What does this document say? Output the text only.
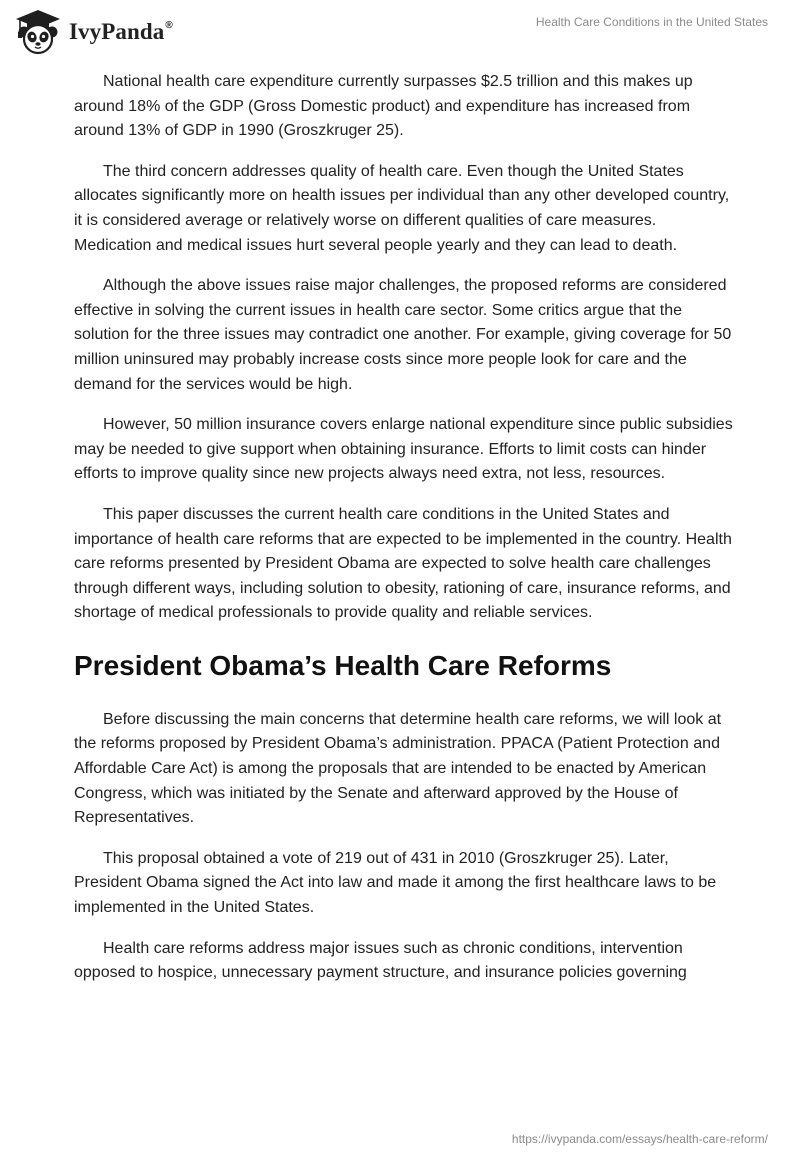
IvyPanda®	Health Care Conditions in the United States

National health care expenditure currently surpasses $2.5 trillion and this makes up around 18% of the GDP (Gross Domestic product) and expenditure has increased from around 13% of GDP in 1990 (Groszkruger 25).

The third concern addresses quality of health care. Even though the United States allocates significantly more on health issues per individual than any other developed country, it is considered average or relatively worse on different qualities of care measures. Medication and medical issues hurt several people yearly and they can lead to death.

Although the above issues raise major challenges, the proposed reforms are considered effective in solving the current issues in health care sector. Some critics argue that the solution for the three issues may contradict one another. For example, giving coverage for 50 million uninsured may probably increase costs since more people look for care and the demand for the services would be high.

However, 50 million insurance covers enlarge national expenditure since public subsidies may be needed to give support when obtaining insurance. Efforts to limit costs can hinder efforts to improve quality since new projects always need extra, not less, resources.

This paper discusses the current health care conditions in the United States and importance of health care reforms that are expected to be implemented in the country. Health care reforms presented by President Obama are expected to solve health care challenges through different ways, including solution to obesity, rationing of care, insurance reforms, and shortage of medical professionals to provide quality and reliable services.

President Obama’s Health Care Reforms

Before discussing the main concerns that determine health care reforms, we will look at the reforms proposed by President Obama’s administration. PPACA (Patient Protection and Affordable Care Act) is among the proposals that are intended to be enacted by American Congress, which was initiated by the Senate and afterward approved by the House of Representatives.

This proposal obtained a vote of 219 out of 431 in 2010 (Groszkruger 25). Later, President Obama signed the Act into law and made it among the first healthcare laws to be implemented in the United States.

Health care reforms address major issues such as chronic conditions, intervention opposed to hospice, unnecessary payment structure, and insurance policies governing

https://ivypanda.com/essays/health-care-reform/
